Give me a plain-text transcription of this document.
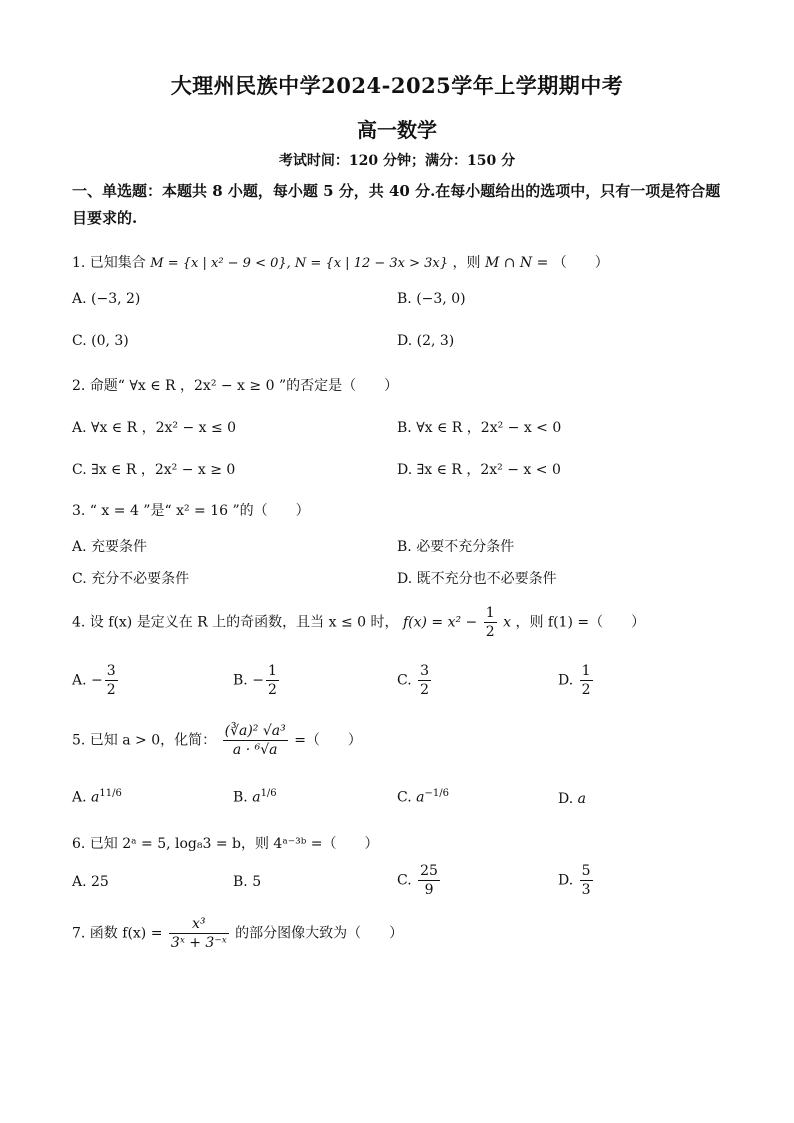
大理州民族中学2024-2025学年上学期期中考
高一数学
考试时间：120 分钟；满分：150 分
一、单选题：本题共 8 小题，每小题 5 分，共 40 分.在每小题给出的选项中，只有一项是符合题目要求的.
1. 已知集合 M = {x | x² − 9 < 0}, N = {x | 12 − 3x > 3x} ，则 M ∩ N = （　　）
A. (−3, 2)	B. (−3, 0)
C. (0, 3)	D. (2, 3)
2. 命题“ ∀x ∈ R ，2x² − x ≥ 0 ”的否定是（　　）
A. ∀x ∈ R ，2x² − x ≤ 0	B. ∀x ∈ R ，2x² − x < 0
C. ∃x ∈ R ，2x² − x ≥ 0	D. ∃x ∈ R ，2x² − x < 0
3. “ x = 4 ”是“ x² = 16 ”的（　　）
A. 充要条件	B. 必要不充分条件
C. 充分不必要条件	D. 既不充分也不必要条件
4. 设 f(x) 是定义在 R 上的奇函数，且当 x ≤ 0 时， $f(x) = x^2 - \frac{1}{2}$ x ，则 f(1) =（　　）
A. − $\frac{3}{2}$	B. − $\frac{1}{2}$	C. $\frac{3}{2}$	D. $\frac{1}{2}$
5. 已知 a > 0，化简： $\frac{\text{(∛a)² √a³}}{\text{a · ⁶√a}}$ =（　　）
A. $a^{11/6}$	B. $a^{1/6}$	C. $a^{-1/6}$	D. a
6. 已知 2ᵃ = 5, log₈3 = b，则 4ᵃ⁻³ᵇ =（　　）
A. 25	B. 5	C. $\frac{25}{9}$	D. $\frac{5}{3}$
7. 函数 $f(x) = \frac{\text{x³}}{\text{3ˣ + 3⁻ˣ}}$ 的部分图像大致为（　　）
